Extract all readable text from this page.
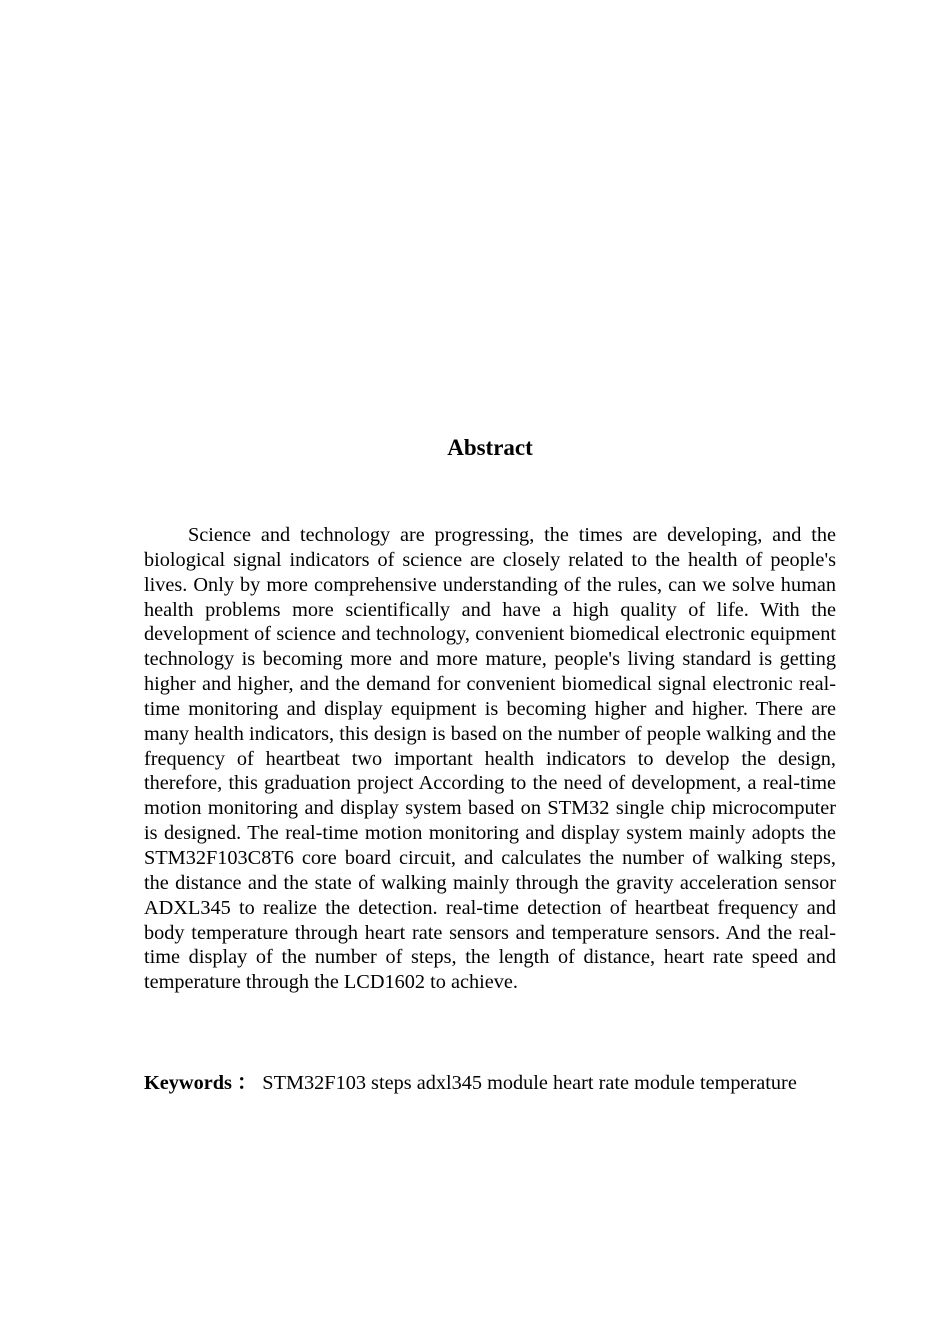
Abstract

Science and technology are progressing, the times are developing, and the biological signal indicators of science are closely related to the health of people's lives. Only by more comprehensive understanding of the rules, can we solve human health problems more scientifically and have a high quality of life. With the development of science and technology, convenient biomedical electronic equipment technology is becoming more and more mature, people's living standard is getting higher and higher, and the demand for convenient biomedical signal electronic real-time monitoring and display equipment is becoming higher and higher. There are many health indicators, this design is based on the number of people walking and the frequency of heartbeat two important health indicators to develop the design, therefore, this graduation project According to the need of development, a real-time motion monitoring and display system based on STM32 single chip microcomputer is designed. The real-time motion monitoring and display system mainly adopts the STM32F103C8T6 core board circuit, and calculates the number of walking steps, the distance and the state of walking mainly through the gravity acceleration sensor ADXL345 to realize the detection. real-time detection of heartbeat frequency and body temperature through heart rate sensors and temperature sensors. And the real-time display of the number of steps, the length of distance, heart rate speed and temperature through the LCD1602 to achieve.

Keywords ： STM32F103 steps adxl345 module heart rate module temperature
